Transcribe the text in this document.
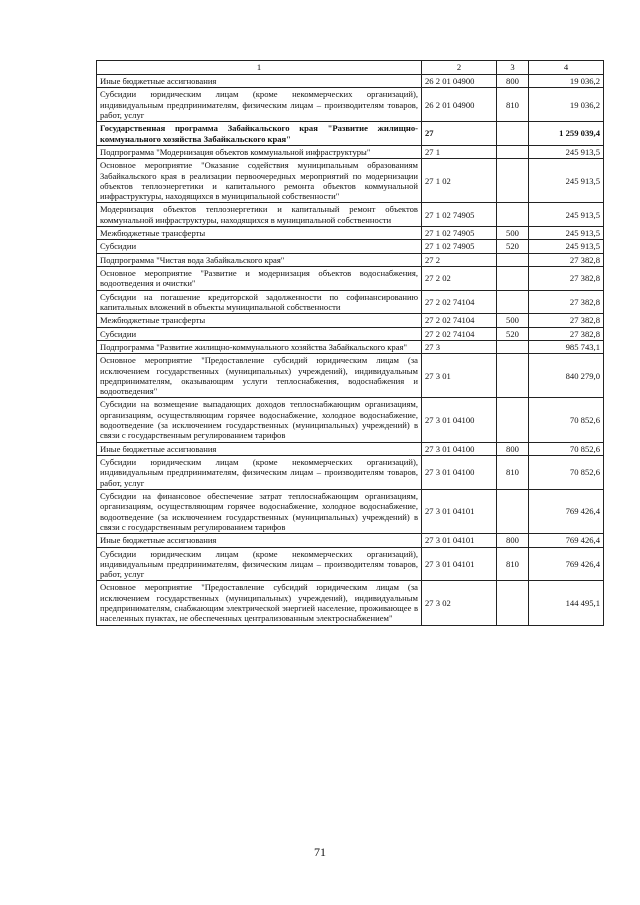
1	2	3	4
Иные бюджетные ассигнования	26 2 01 04900	800	19 036,2
Субсидии юридическим лицам (кроме некоммерческих организаций), индивидуальным предпринимателям, физическим лицам – производителям товаров, работ, услуг	26 2 01 04900	810	19 036,2
Государственная программа Забайкальского края "Развитие жилищно-коммунального хозяйства Забайкальского края"	27		1 259 039,4
Подпрограмма "Модернизация объектов коммунальной инфраструктуры"	27 1		245 913,5
Основное мероприятие "Оказание содействия муниципальным образованиям Забайкальского края в реализации первоочередных мероприятий по модернизации объектов теплоэнергетики и капитального ремонта объектов коммунальной инфраструктуры, находящихся в муниципальной собственности"	27 1 02		245 913,5
Модернизация объектов теплоэнергетики и капитальный ремонт объектов коммунальной инфраструктуры, находящихся в муниципальной собственности	27 1 02 74905		245 913,5
Межбюджетные трансферты	27 1 02 74905	500	245 913,5
Субсидии	27 1 02 74905	520	245 913,5
Подпрограмма "Чистая вода Забайкальского края"	27 2		27 382,8
Основное мероприятие "Развитие и модернизация объектов водоснабжения, водоотведения и очистки"	27 2 02		27 382,8
Субсидии на погашение кредиторской задолженности по софинансированию капитальных вложений в объекты муниципальной собственности	27 2 02 74104		27 382,8
Межбюджетные трансферты	27 2 02 74104	500	27 382,8
Субсидии	27 2 02 74104	520	27 382,8
Подпрограмма "Развитие жилищно-коммунального хозяйства Забайкальского края"	27 3		985 743,1
Основное мероприятие "Предоставление субсидий юридическим лицам (за исключением государственных (муниципальных) учреждений), индивидуальным предпринимателям, оказывающим услуги теплоснабжения, водоснабжения и водоотведения"	27 3 01		840 279,0
Субсидии на возмещение выпадающих доходов теплоснабжающим организациям, организациям, осуществляющим горячее водоснабжение, холодное водоснабжение, водоотведение (за исключением государственных (муниципальных) учреждений) в связи с государственным регулированием тарифов	27 3 01 04100		70 852,6
Иные бюджетные ассигнования	27 3 01 04100	800	70 852,6
Субсидии юридическим лицам (кроме некоммерческих организаций), индивидуальным предпринимателям, физическим лицам – производителям товаров, работ, услуг	27 3 01 04100	810	70 852,6
Субсидии на финансовое обеспечение затрат теплоснабжающим организациям, организациям, осуществляющим горячее водоснабжение, холодное водоснабжение, водоотведение (за исключением государственных (муниципальных) учреждений) в связи с государственным регулированием тарифов	27 3 01 04101		769 426,4
Иные бюджетные ассигнования	27 3 01 04101	800	769 426,4
Субсидии юридическим лицам (кроме некоммерческих организаций), индивидуальным предпринимателям, физическим лицам – производителям товаров, работ, услуг	27 3 01 04101	810	769 426,4
Основное мероприятие "Предоставление субсидий юридическим лицам (за исключением государственных (муниципальных) учреждений), индивидуальным предпринимателям, снабжающим электрической энергией население, проживающее в населенных пунктах, не обеспеченных централизованным электроснабжением"	27 3 02		144 495,1
71
